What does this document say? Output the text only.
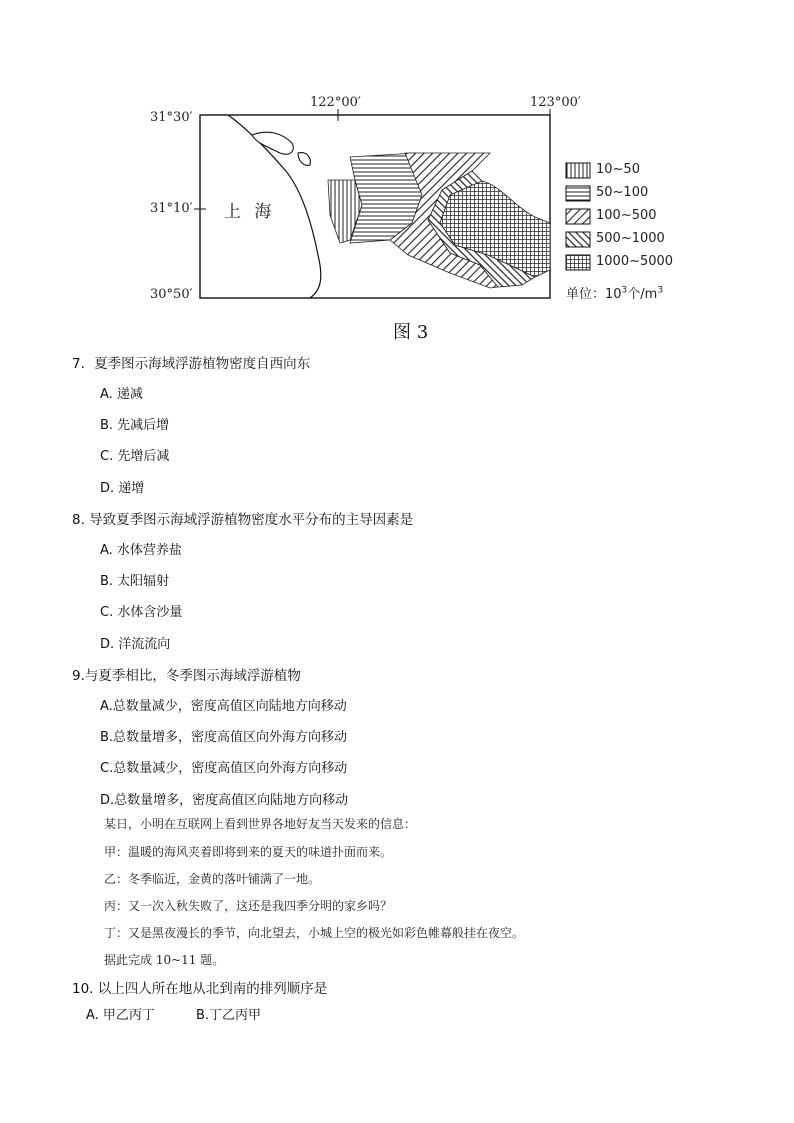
122°00′	123°00′
31°30′
31°10′
30°50′
上 海
10~50
50~100
100~500
500~1000
1000~5000
单位：$10^3$个$/m^3$
图 3
7．夏季图示海域浮游植物密度自西向东
A. 递减
B. 先减后增
C. 先增后减
D. 递增
8. 导致夏季图示海域浮游植物密度水平分布的主导因素是
A. 水体营养盐
B. 太阳辐射
C. 水体含沙量
D. 洋流流向
9.与夏季相比，冬季图示海域浮游植物
A.总数量减少，密度高值区向陆地方向移动
B.总数量增多，密度高值区向外海方向移动
C.总数量减少，密度高值区向外海方向移动
D.总数量增多，密度高值区向陆地方向移动
某日，小明在互联网上看到世界各地好友当天发来的信息：
甲：温暖的海风夹着即将到来的夏天的味道扑面而来。
乙：冬季临近，金黄的落叶铺满了一地。
丙：又一次入秋失败了，这还是我四季分明的家乡吗？
丁：又是黑夜漫长的季节，向北望去，小城上空的极光如彩色帷幕般挂在夜空。
据此完成 10~11 题。
10. 以上四人所在地从北到南的排列顺序是
A. 甲乙丙丁	B.丁乙丙甲
